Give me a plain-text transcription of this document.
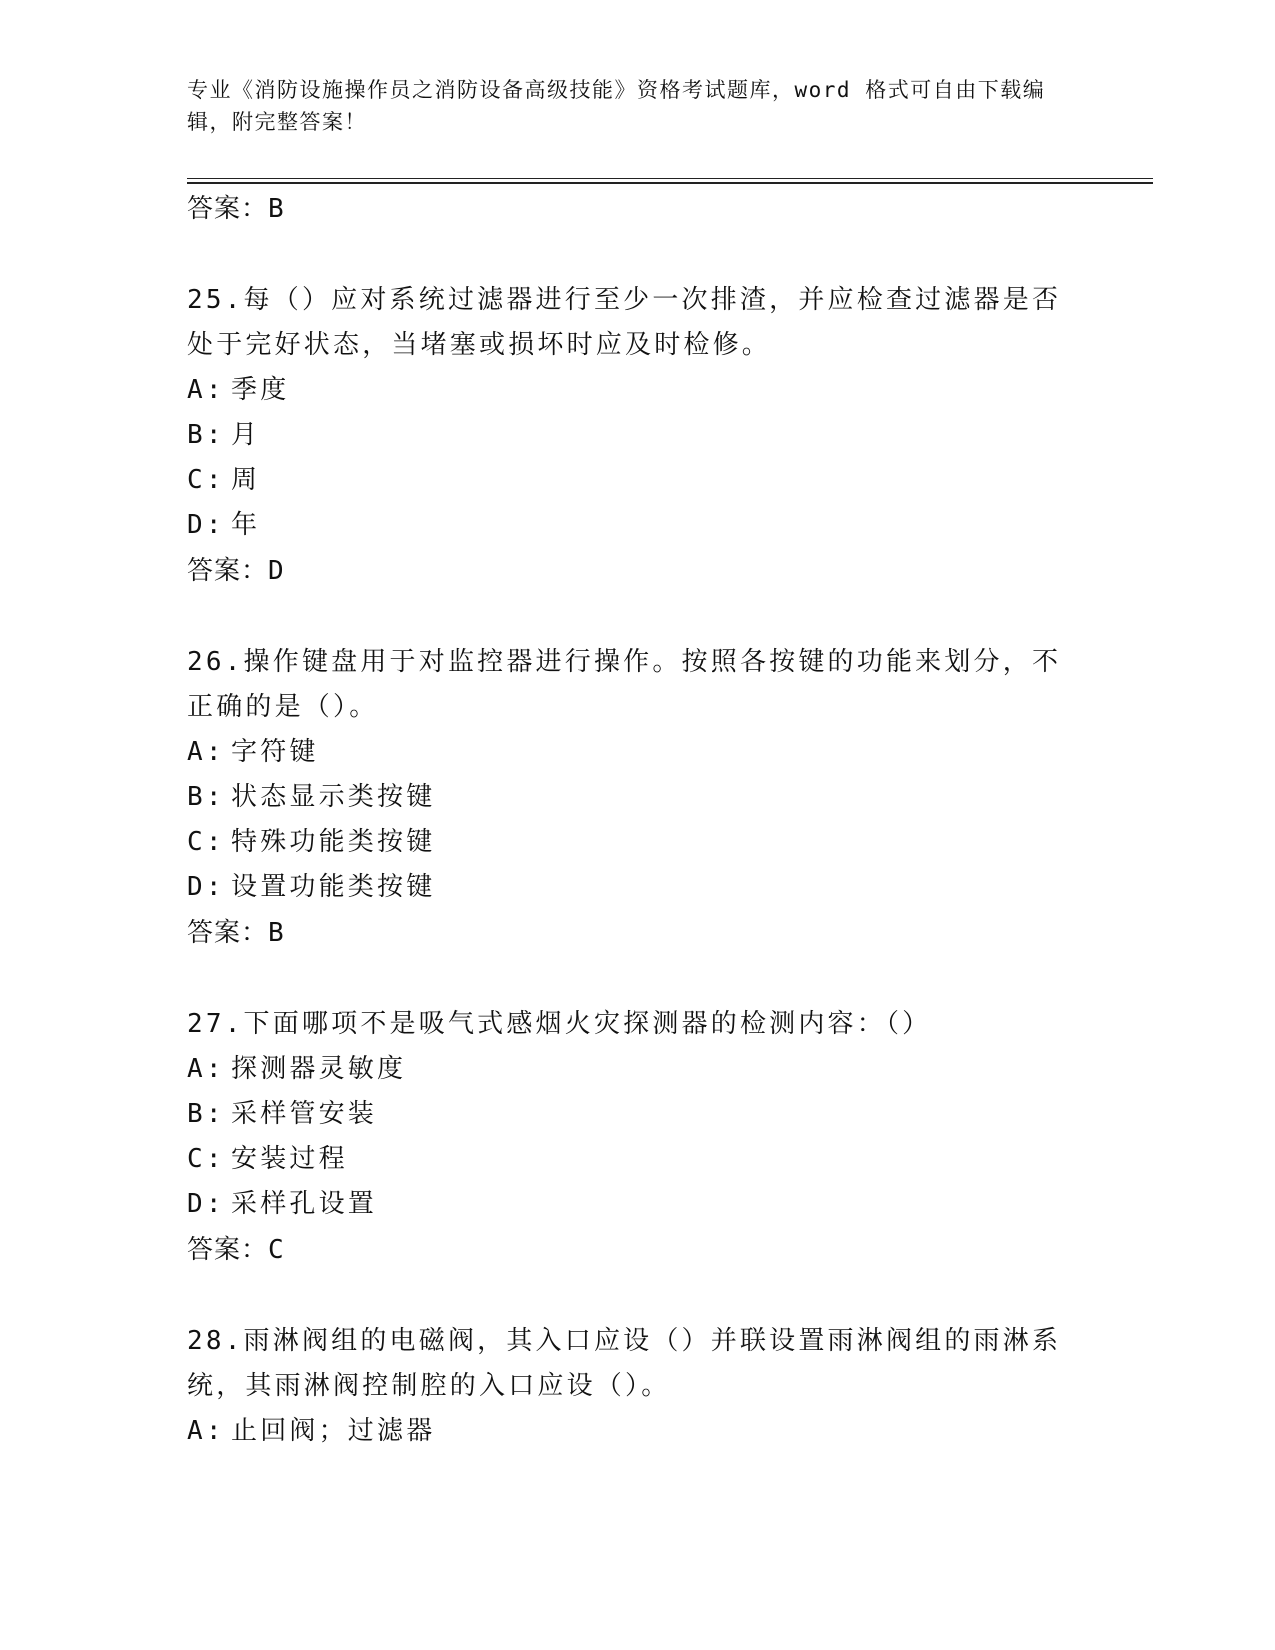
专业《消防设施操作员之消防设备高级技能》资格考试题库，word 格式可自由下载编辑，附完整答案！
答案：B
25.每（）应对系统过滤器进行至少一次排渣，并应检查过滤器是否处于完好状态，当堵塞或损坏时应及时检修。
A: 季度
B: 月
C: 周
D: 年
答案：D
26.操作键盘用于对监控器进行操作。按照各按键的功能来划分，不正确的是（）。
A: 字符键
B: 状态显示类按键
C: 特殊功能类按键
D: 设置功能类按键
答案：B
27.下面哪项不是吸气式感烟火灾探测器的检测内容：（）
A: 探测器灵敏度
B: 采样管安装
C: 安装过程
D: 采样孔设置
答案：C
28.雨淋阀组的电磁阀，其入口应设（）并联设置雨淋阀组的雨淋系统，其雨淋阀控制腔的入口应设（）。
A: 止回阀；过滤器
